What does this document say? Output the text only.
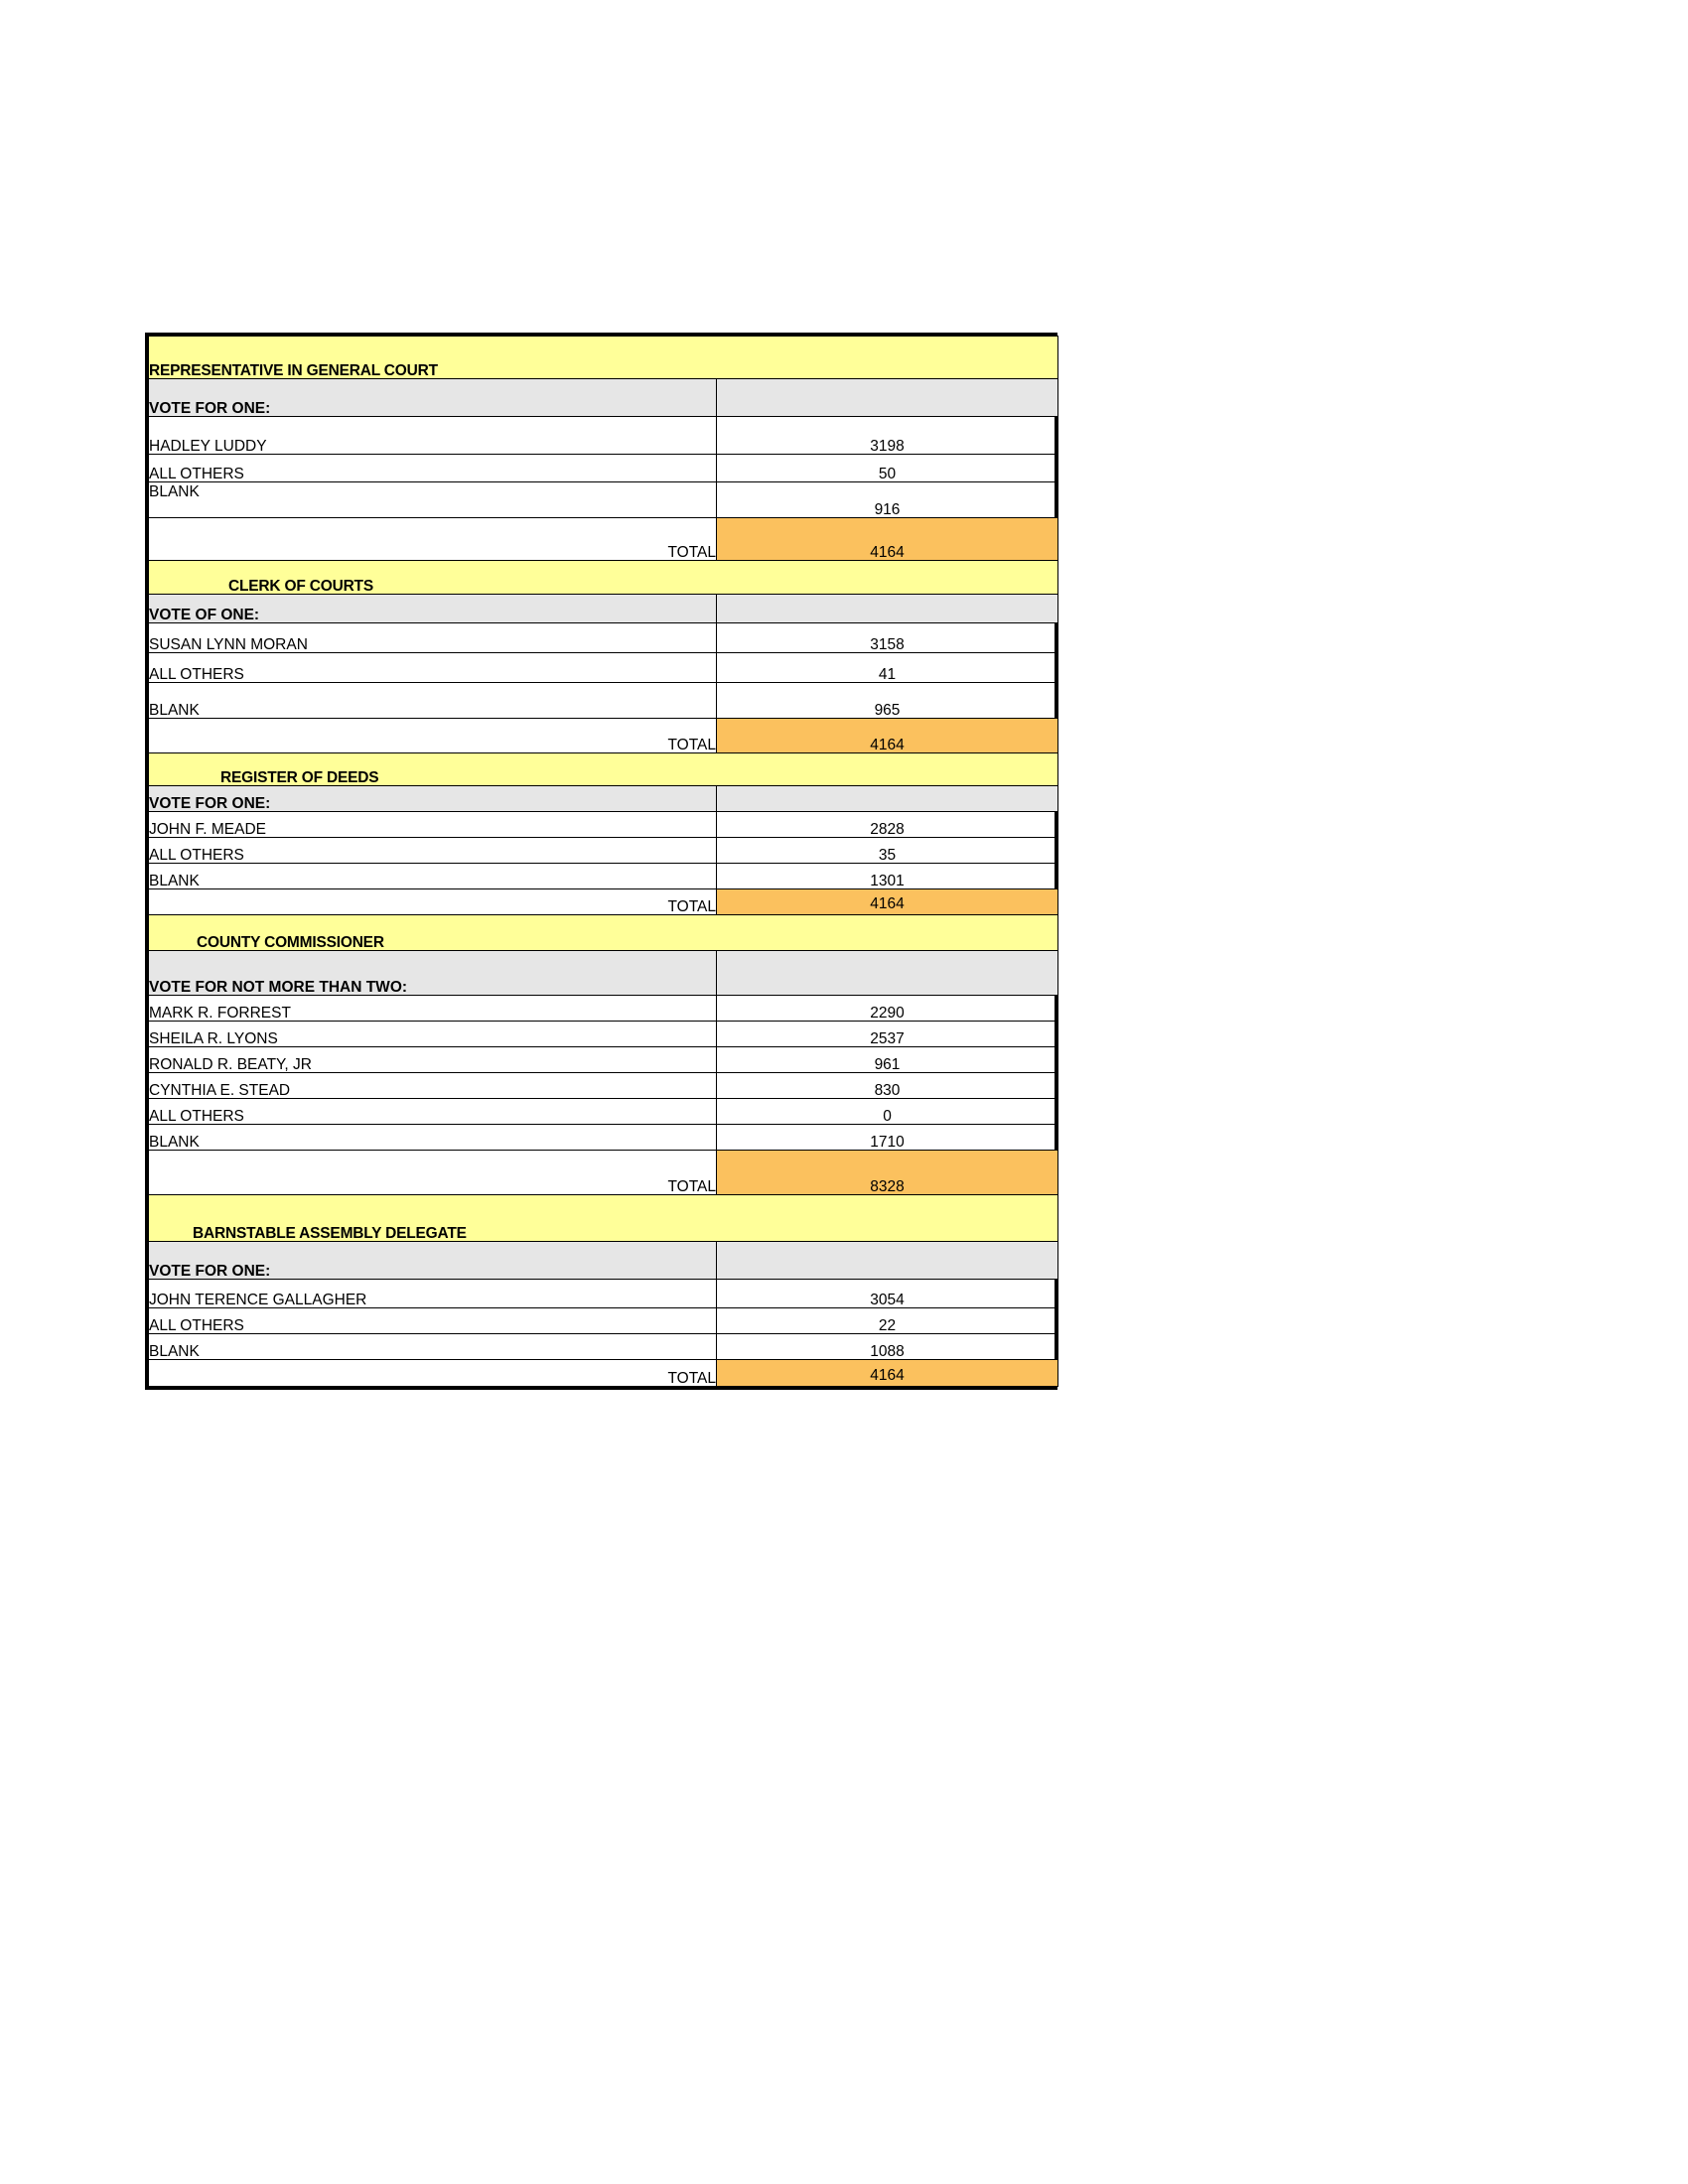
REPRESENTATIVE IN GENERAL COURT	
VOTE FOR ONE:	
HADLEY LUDDY	3198
ALL OTHERS	50
BLANK	916
TOTAL	4164
CLERK OF COURTS	
VOTE OF ONE:	
SUSAN LYNN MORAN	3158
ALL OTHERS	41
BLANK	965
TOTAL	4164
REGISTER OF DEEDS	
VOTE FOR ONE:	
JOHN F. MEADE	2828
ALL OTHERS	35
BLANK	1301
TOTAL	4164
COUNTY COMMISSIONER	
VOTE FOR NOT MORE THAN TWO:	
MARK R. FORREST	2290
SHEILA R. LYONS	2537
RONALD R. BEATY, JR	961
CYNTHIA E. STEAD	830
ALL OTHERS	0
BLANK	1710
TOTAL	8328
BARNSTABLE ASSEMBLY DELEGATE	
VOTE FOR ONE:	
JOHN TERENCE GALLAGHER	3054
ALL OTHERS	22
BLANK	1088
TOTAL	4164
